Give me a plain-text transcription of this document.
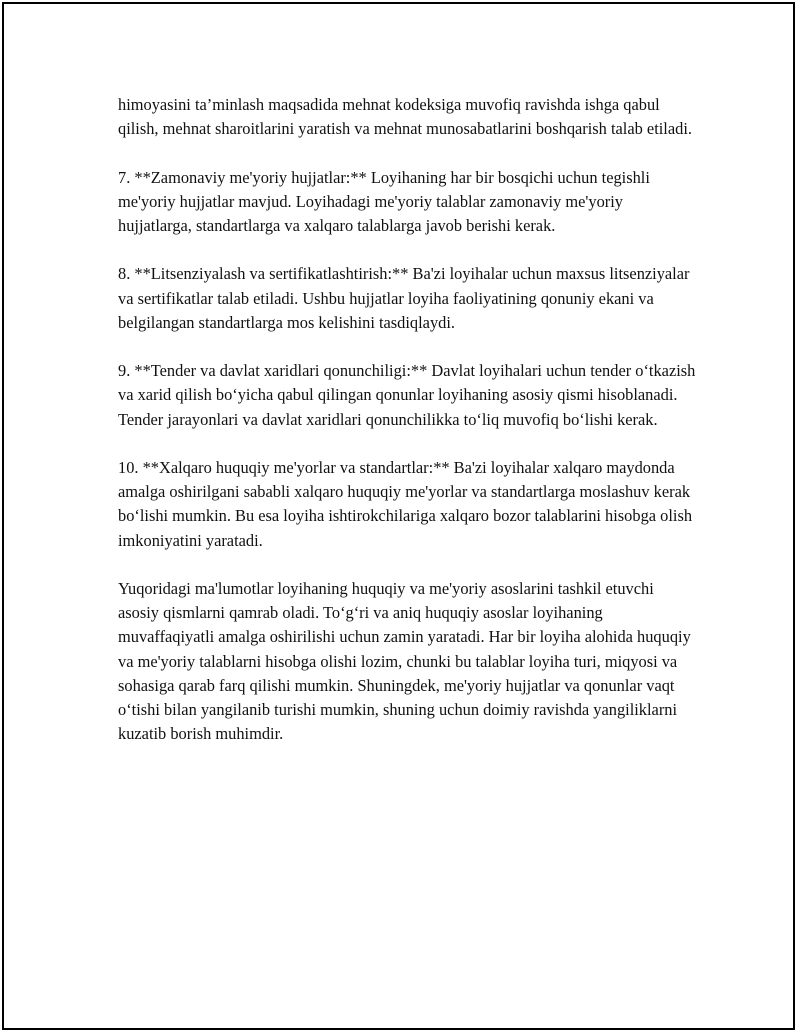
himoyasini ta’minlash maqsadida mehnat kodeksiga muvofiq ravishda ishga qabul qilish, mehnat sharoitlarini yaratish va mehnat munosabatlarini boshqarish talab etiladi.

7. **Zamonaviy me'yoriy hujjatlar:** Loyihaning har bir bosqichi uchun tegishli me'yoriy hujjatlar mavjud. Loyihadagi me'yoriy talablar zamonaviy me'yoriy hujjatlarga, standartlarga va xalqaro talablarga javob berishi kerak.

8. **Litsenziyalash va sertifikatlashtirish:** Ba'zi loyihalar uchun maxsus litsenziyalar va sertifikatlar talab etiladi. Ushbu hujjatlar loyiha faoliyatining qonuniy ekani va belgilangan standartlarga mos kelishini tasdiqlaydi.

9. **Tender va davlat xaridlari qonunchiligi:** Davlat loyihalari uchun tender oʻtkazish va xarid qilish boʻyicha qabul qilingan qonunlar loyihaning asosiy qismi hisoblanadi. Tender jarayonlari va davlat xaridlari qonunchilikka toʻliq muvofiq boʻlishi kerak.

10. **Xalqaro huquqiy me'yorlar va standartlar:** Ba'zi loyihalar xalqaro maydonda amalga oshirilgani sababli xalqaro huquqiy me'yorlar va standartlarga moslashuv kerak boʻlishi mumkin. Bu esa loyiha ishtirokchilariga xalqaro bozor talablarini hisobga olish imkoniyatini yaratadi.

Yuqoridagi ma'lumotlar loyihaning huquqiy va me'yoriy asoslarini tashkil etuvchi asosiy qismlarni qamrab oladi. Toʻgʻri va aniq huquqiy asoslar loyihaning muvaffaqiyatli amalga oshirilishi uchun zamin yaratadi. Har bir loyiha alohida huquqiy va me'yoriy talablarni hisobga olishi lozim, chunki bu talablar loyiha turi, miqyosi va sohasiga qarab farq qilishi mumkin. Shuningdek, me'yoriy hujjatlar va qonunlar vaqt oʻtishi bilan yangilanib turishi mumkin, shuning uchun doimiy ravishda yangiliklarni kuzatib borish muhimdir.
